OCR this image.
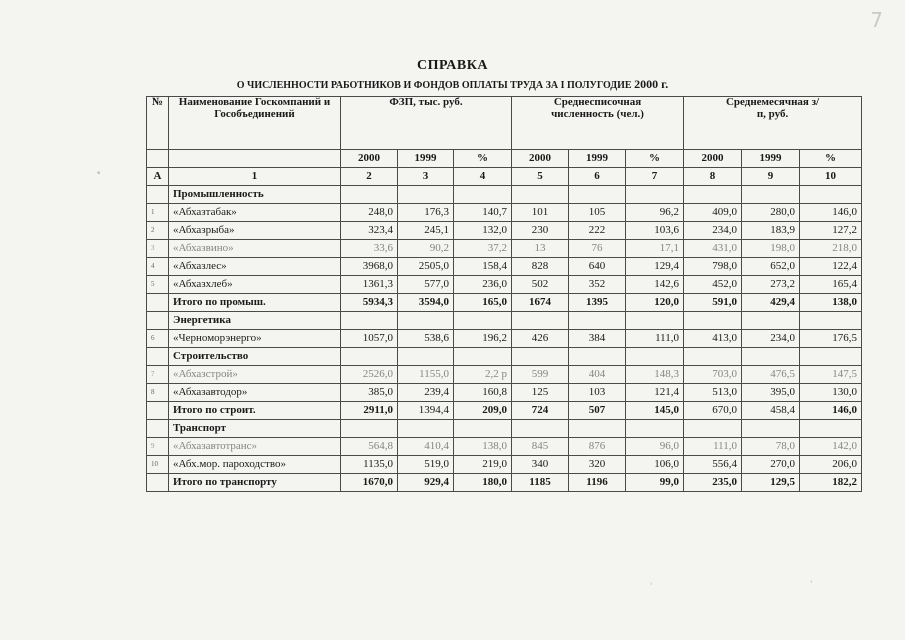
7
СПРАВКА
О ЧИСЛЕННОСТИ РАБОТНИКОВ И ФОНДОВ ОПЛАТЫ ТРУДА ЗА I ПОЛУГОДИЕ 2000 г.
№	Наименование Госкомпаний и Гособъединений	ФЗП, тыс. руб.			Среднесписочная численность (чел.)			Среднемесячная з/п, руб.		
		2000	1999	%	2000	1999	%	2000	1999	%
А	1	2	3	4	5	6	7	8	9	10
	Промышленность									
1	«Абхазтабак»	248,0	176,3	140,7	101	105	96,2	409,0	280,0	146,0
2	«Абхазрыба»	323,4	245,1	132,0	230	222	103,6	234,0	183,9	127,2
3	«Абхазвино»	33,6	90,2	37,2	13	76	17,1	431,0	198,0	218,0
4	«Абхазлес»	3968,0	2505,0	158,4	828	640	129,4	798,0	652,0	122,4
5	«Абхазхлеб»	1361,3	577,0	236,0	502	352	142,6	452,0	273,2	165,4
	Итого по промыш.	5934,3	3594,0	165,0	1674	1395	120,0	591,0	429,4	138,0
	Энергетика									
6	«Черноморэнерго»	1057,0	538,6	196,2	426	384	111,0	413,0	234,0	176,5
	Строительство									
7	«Абхазстрой»	2526,0	1155,0	2,2 р	599	404	148,3	703,0	476,5	147,5
8	«Абхазавтодор»	385,0	239,4	160,8	125	103	121,4	513,0	395,0	130,0
	Итого по строит.	2911,0	1394,4	209,0	724	507	145,0	670,0	458,4	146,0
	Транспорт									
9	«Абхазавтотранс»	564,8	410,4	138,0	845	876	96,0	111,0	78,0	142,0
10	«Абх.мор. пароходство»	1135,0	519,0	219,0	340	320	106,0	556,4	270,0	206,0
	Итого по транспорту	1670,0	929,4	180,0	1185	1196	99,0	235,0	129,5	182,2
•
'
'
